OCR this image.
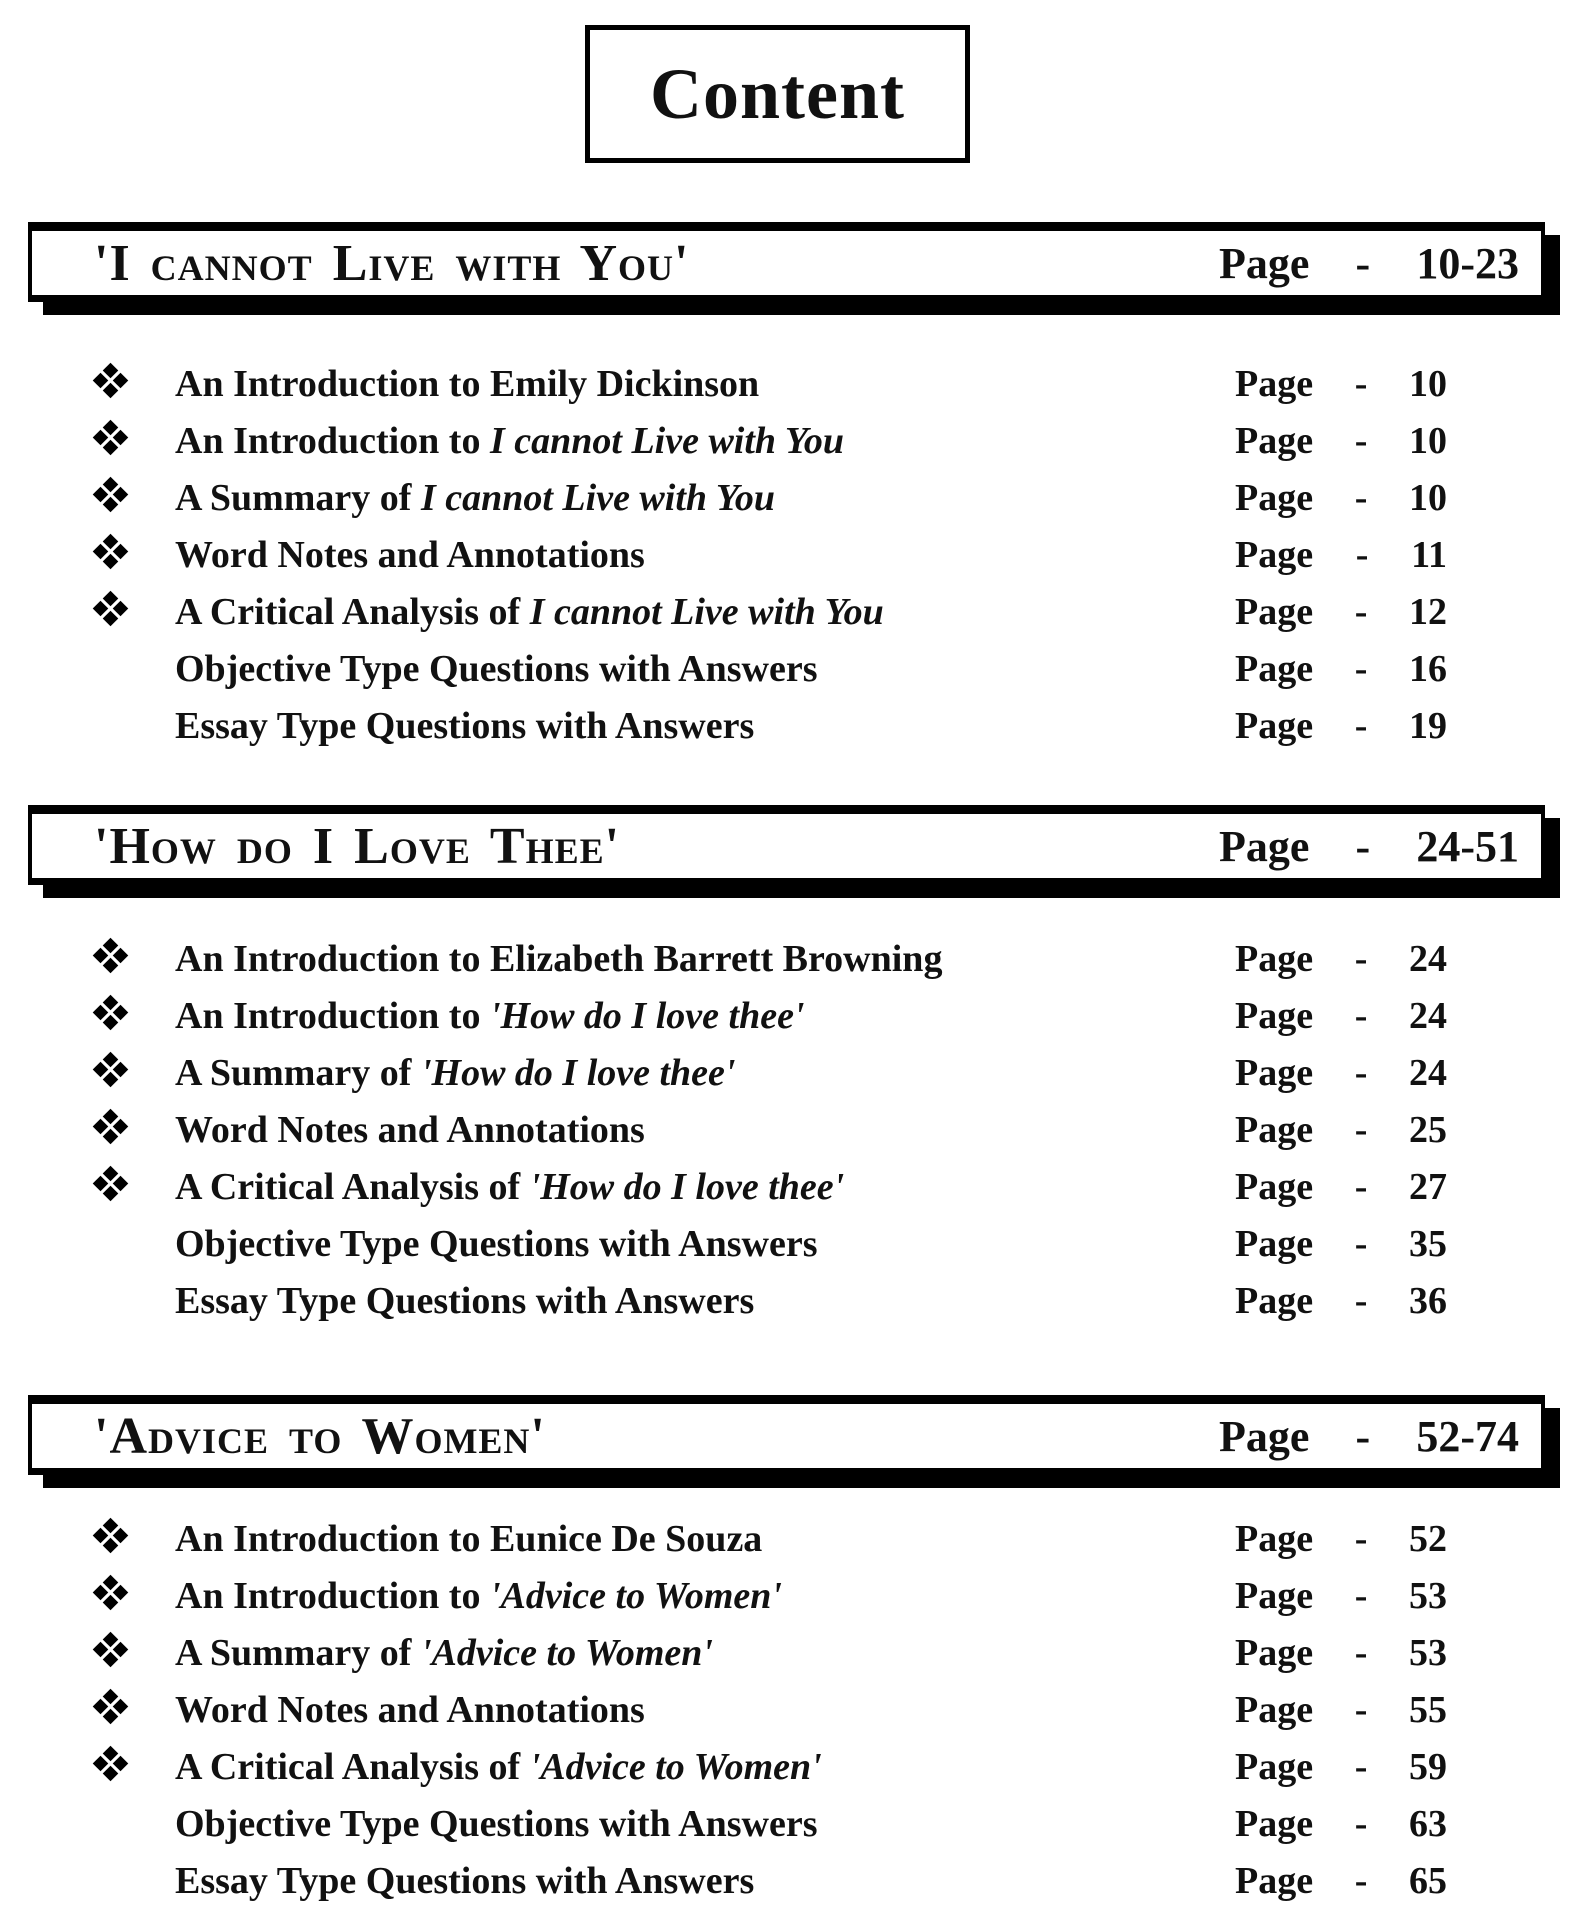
Content
'I cannot Live with You'	Page - 10-23
An Introduction to Emily Dickinson	Page - 10
An Introduction to I cannot Live with You	Page - 10
A Summary of I cannot Live with You	Page - 10
Word Notes and Annotations	Page - 11
A Critical Analysis of I cannot Live with You	Page - 12
Objective Type Questions with Answers	Page - 16
Essay Type Questions with Answers	Page - 19
'How do I Love Thee'	Page - 24-51
An Introduction to Elizabeth Barrett Browning	Page - 24
An Introduction to 'How do I love thee'	Page - 24
A Summary of 'How do I love thee'	Page - 24
Word Notes and Annotations	Page - 25
A Critical Analysis of 'How do I love thee'	Page - 27
Objective Type Questions with Answers	Page - 35
Essay Type Questions with Answers	Page - 36
'Advice to Women'	Page - 52-74
An Introduction to Eunice De Souza	Page - 52
An Introduction to 'Advice to Women'	Page - 53
A Summary of 'Advice to Women'	Page - 53
Word Notes and Annotations	Page - 55
A Critical Analysis of 'Advice to Women'	Page - 59
Objective Type Questions with Answers	Page - 63
Essay Type Questions with Answers	Page - 65
